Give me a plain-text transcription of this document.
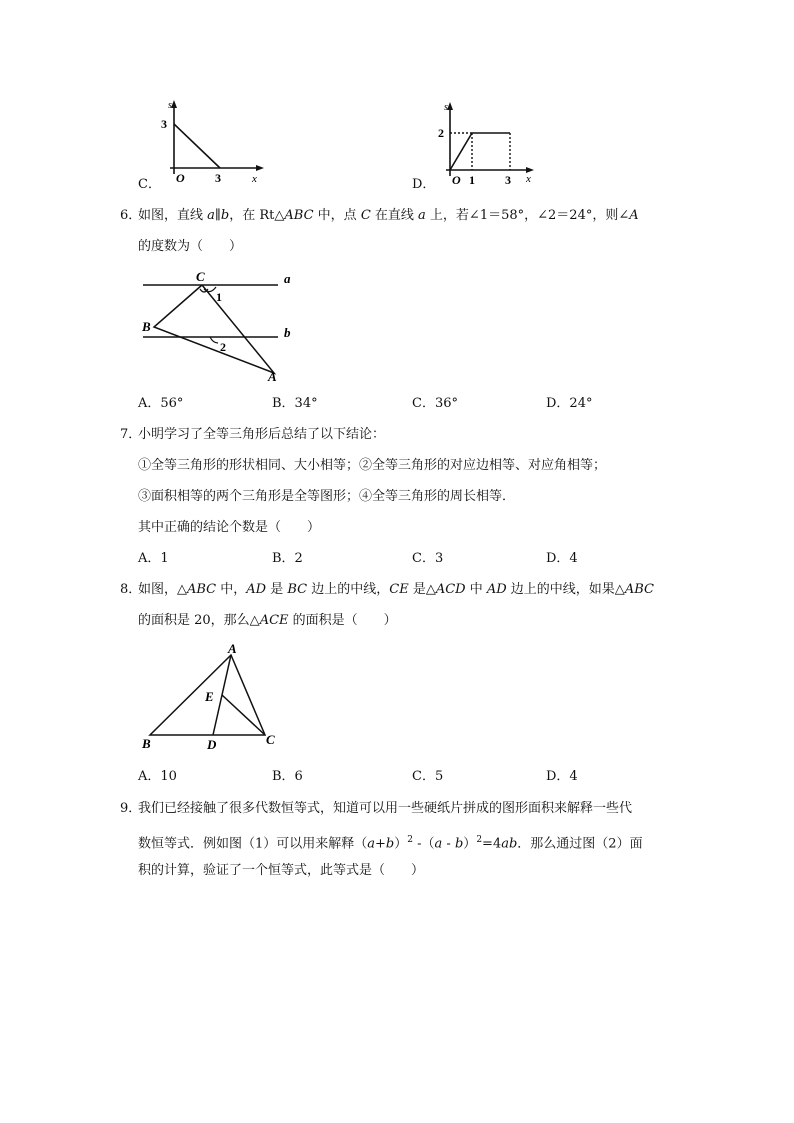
C．
s
x
O
3
3	D．
s
x
O
2
1	3
6．
如图，直线 a∥b，在 Rt△ABC 中，点 C 在直线 a 上，若∠1＝58°，∠2＝24°，则∠A
的度数为（　　）
C	a
1
B	b
2
A
A．56°	B．34°	C．36°	D．24°
7．
小明学习了全等三角形后总结了以下结论：
①全等三角形的形状相同、大小相等；②全等三角形的对应边相等、对应角相等；
③面积相等的两个三角形是全等图形；④全等三角形的周长相等．
其中正确的结论个数是（　　）
A．1	B．2	C．3	D．4
8．
如图，△ABC 中，AD 是 BC 边上的中线，CE 是△ACD 中 AD 边上的中线，如果△ABC
的面积是 20，那么△ACE 的面积是（　　）
A
E
B	D	C
A．10	B．6	C．5	D．4
9．
我们已经接触了很多代数恒等式，知道可以用一些硬纸片拼成的图形面积来解释一些代
数恒等式．例如图（1）可以用来解释$(a+b)^2$ -（a - b）$^2$=4ab．那么通过图（2）面
积的计算，验证了一个恒等式，此等式是（　　）
